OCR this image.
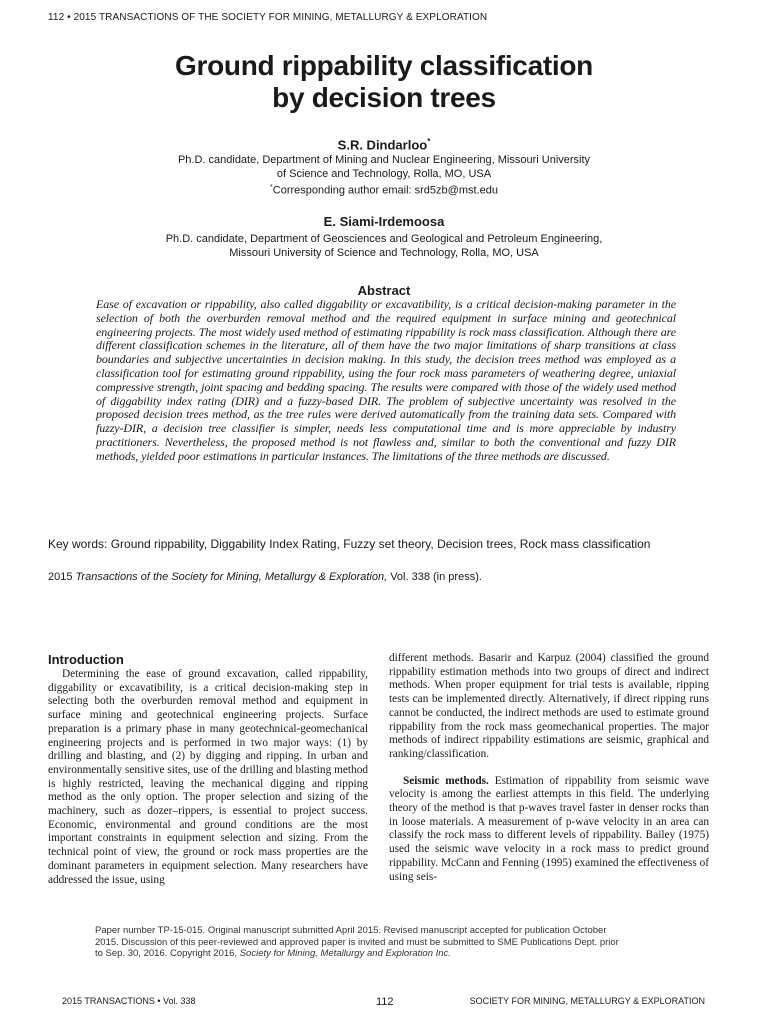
112 • 2015 TRANSACTIONS OF THE SOCIETY FOR MINING, METALLURGY & EXPLORATION
Ground rippability classification
by decision trees
S.R. Dindarloo*
Ph.D. candidate, Department of Mining and Nuclear Engineering, Missouri University
of Science and Technology, Rolla, MO, USA
*Corresponding author email: srd5zb@mst.edu
E. Siami-Irdemoosa
Ph.D. candidate, Department of Geosciences and Geological and Petroleum Engineering,
Missouri University of Science and Technology, Rolla, MO, USA
Abstract
Ease of excavation or rippability, also called diggability or excavatibility, is a critical decision-making parameter in the selection of both the overburden removal method and the required equipment in surface mining and geotechnical engineering projects. The most widely used method of estimating rippability is rock mass classification. Although there are different classification schemes in the literature, all of them have the two major limitations of sharp transitions at class boundaries and subjective uncertainties in decision making. In this study, the decision trees method was employed as a classification tool for estimating ground rippability, using the four rock mass parameters of weathering degree, uniaxial compressive strength, joint spacing and bedding spacing. The results were compared with those of the widely used method of diggability index rating (DIR) and a fuzzy-based DIR. The problem of subjective uncertainty was resolved in the proposed decision trees method, as the tree rules were derived automatically from the training data sets. Compared with fuzzy-DIR, a decision tree classifier is simpler, needs less computational time and is more appreciable by industry practitioners. Nevertheless, the proposed method is not flawless and, similar to both the conventional and fuzzy DIR methods, yielded poor estimations in particular instances. The limitations of the three methods are discussed.
Key words: Ground rippability, Diggability Index Rating, Fuzzy set theory, Decision trees, Rock mass classification
2015 Transactions of the Society for Mining, Metallurgy & Exploration, Vol. 338 (in press).
Introduction

Determining the ease of ground excavation, called rippability, diggability or excavatibility, is a critical decision-making step in selecting both the overburden removal method and equipment in surface mining and geotechnical engineering projects. Surface preparation is a primary phase in many geotechnical-geomechanical engineering projects and is performed in two major ways: (1) by drilling and blasting, and (2) by digging and ripping. In urban and environmentally sensitive sites, use of the drilling and blasting method is highly restricted, leaving the mechanical digging and ripping method as the only option. The proper selection and sizing of the machinery, such as dozer–rippers, is essential to project success. Economic, environmental and ground conditions are the most important constraints in equipment selection and sizing. From the technical point of view, the ground or rock mass properties are the dominant parameters in equipment selection. Many researchers have addressed the issue, using

different methods. Basarir and Karpuz (2004) classified the ground rippability estimation methods into two groups of direct and indirect methods. When proper equipment for trial tests is available, ripping tests can be implemented directly. Alternatively, if direct ripping runs cannot be conducted, the indirect methods are used to estimate ground rippability from the rock mass geomechanical properties. The major methods of indirect rippability estimations are seismic, graphical and ranking/classification.

Seismic methods. Estimation of rippability from seismic wave velocity is among the earliest attempts in this field. The underlying theory of the method is that p-waves travel faster in denser rocks than in loose materials. A measurement of p-wave velocity in an area can classify the rock mass to different levels of rippability. Bailey (1975) used the seismic wave velocity in a rock mass to predict ground rippability. McCann and Fenning (1995) examined the effectiveness of using seis-

Paper number TP-15-015. Original manuscript submitted April 2015. Revised manuscript accepted for publication October
2015. Discussion of this peer-reviewed and approved paper is invited and must be submitted to SME Publications Dept. prior
to Sep. 30, 2016. Copyright 2016, Society for Mining, Metallurgy and Exploration Inc.
2015 TRANSACTIONS • Vol. 338	112	SOCIETY FOR MINING, METALLURGY & EXPLORATION
